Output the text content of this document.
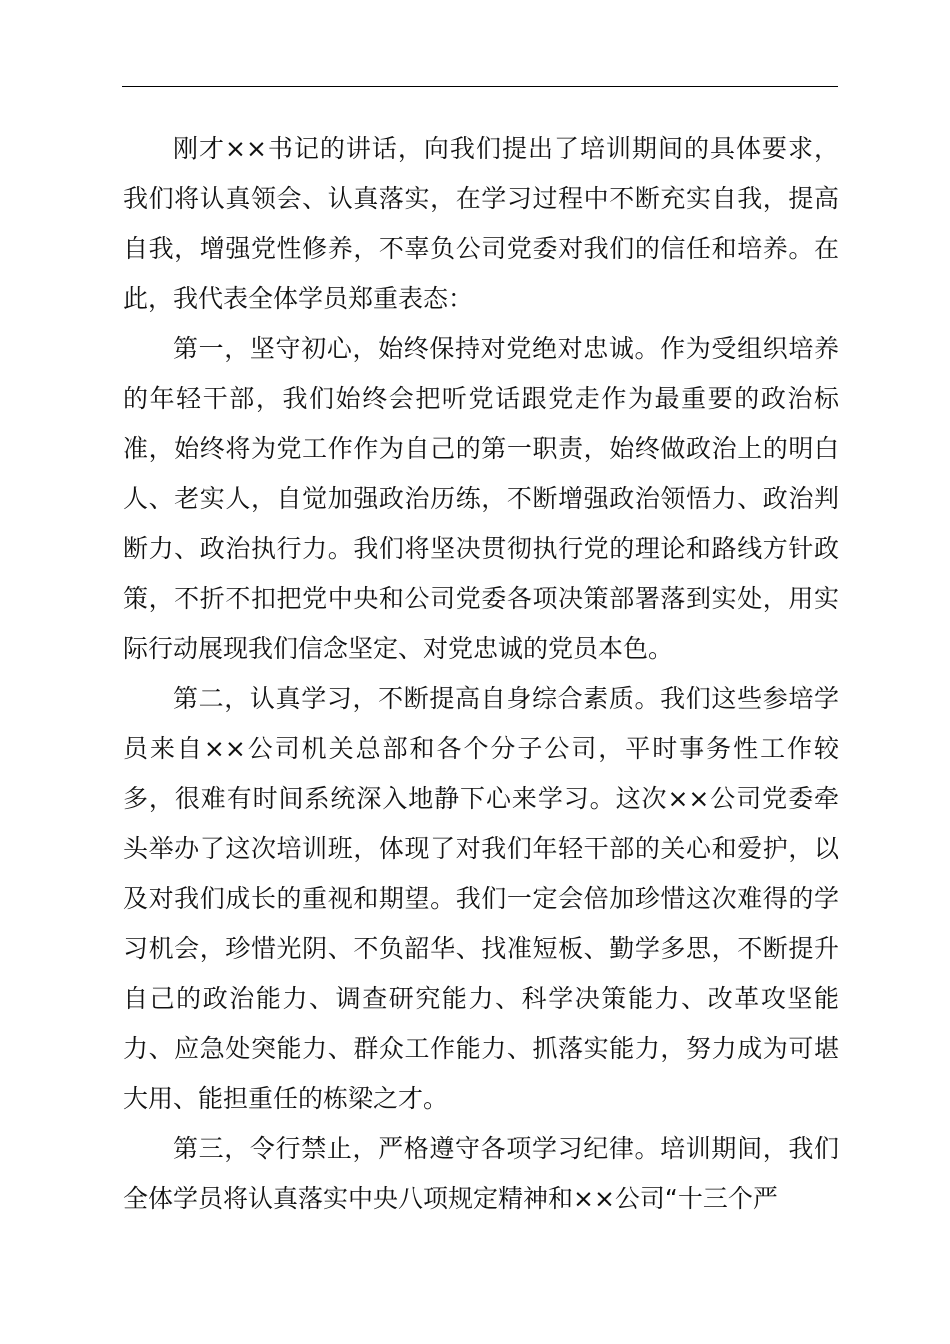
刚才××书记的讲话，向我们提出了培训期间的具体要求，我们将认真领会、认真落实，在学习过程中不断充实自我，提高自我，增强党性修养，不辜负公司党委对我们的信任和培养。在此，我代表全体学员郑重表态：

第一，坚守初心，始终保持对党绝对忠诚。作为受组织培养的年轻干部，我们始终会把听党话跟党走作为最重要的政治标准，始终将为党工作作为自己的第一职责，始终做政治上的明白人、老实人，自觉加强政治历练，不断增强政治领悟力、政治判断力、政治执行力。我们将坚决贯彻执行党的理论和路线方针政策，不折不扣把党中央和公司党委各项决策部署落到实处，用实际行动展现我们信念坚定、对党忠诚的党员本色。

第二，认真学习，不断提高自身综合素质。我们这些参培学员来自××公司机关总部和各个分子公司，平时事务性工作较多，很难有时间系统深入地静下心来学习。这次××公司党委牵头举办了这次培训班，体现了对我们年轻干部的关心和爱护，以及对我们成长的重视和期望。我们一定会倍加珍惜这次难得的学习机会，珍惜光阴、不负韶华、找准短板、勤学多思，不断提升自己的政治能力、调查研究能力、科学决策能力、改革攻坚能力、应急处突能力、群众工作能力、抓落实能力，努力成为可堪大用、能担重任的栋梁之才。

第三，令行禁止，严格遵守各项学习纪律。培训期间，我们全体学员将认真落实中央八项规定精神和××公司“十三个严
